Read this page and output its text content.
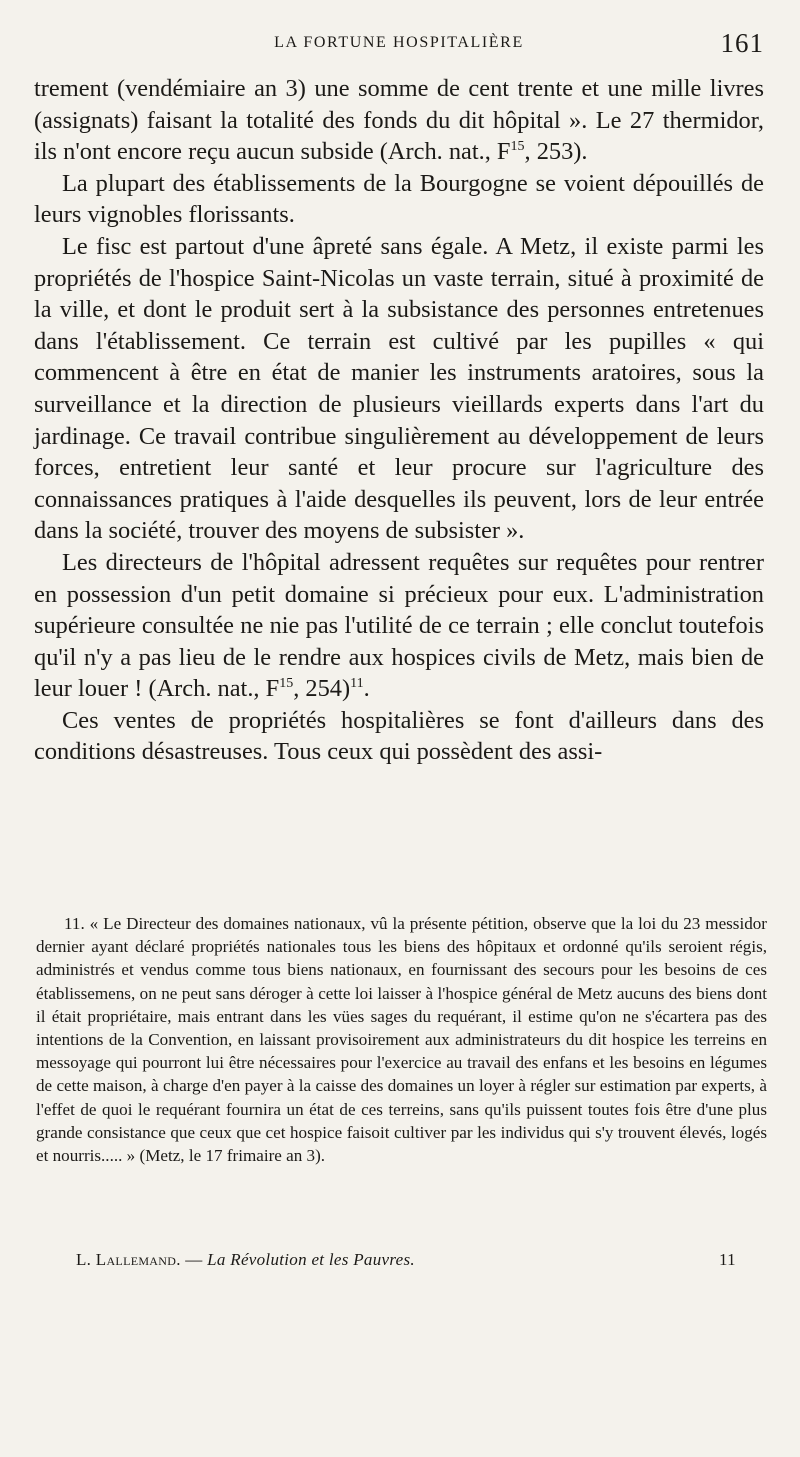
LA FORTUNE HOSPITALIÈRE	161

trement (vendémiaire an 3) une somme de cent trente et une mille livres (assignats) faisant la totalité des fonds du dit hôpital ». Le 27 thermidor, ils n'ont encore reçu aucun subside (Arch. nat., $F^{15}$, 253).

La plupart des établissements de la Bourgogne se voient dépouillés de leurs vignobles florissants.

Le fisc est partout d'une âpreté sans égale. A Metz, il existe parmi les propriétés de l'hospice Saint-Nicolas un vaste terrain, situé à proximité de la ville, et dont le produit sert à la subsistance des personnes entretenues dans l'établissement. Ce terrain est cultivé par les pupilles « qui commencent à être en état de manier les instruments aratoires, sous la surveillance et la direction de plusieurs vieillards experts dans l'art du jardinage. Ce travail contribue singulièrement au développement de leurs forces, entretient leur santé et leur procure sur l'agriculture des connaissances pratiques à l'aide desquelles ils peuvent, lors de leur entrée dans la société, trouver des moyens de subsister ».

Les directeurs de l'hôpital adressent requêtes sur requêtes pour rentrer en possession d'un petit domaine si précieux pour eux. L'administration supérieure consultée ne nie pas l'utilité de ce terrain ; elle conclut toutefois qu'il n'y a pas lieu de le rendre aux hospices civils de Metz, mais bien de leur louer ! (Arch. nat., $F^{15}$, 254)$^{11}$.

Ces ventes de propriétés hospitalières se font d'ailleurs dans des conditions désastreuses. Tous ceux qui possèdent des assi-

11. « Le Directeur des domaines nationaux, vû la présente pétition, observe que la loi du 23 messidor dernier ayant déclaré propriétés nationales tous les biens des hôpitaux et ordonné qu'ils seroient régis, administrés et vendus comme tous biens nationaux, en fournissant des secours pour les besoins de ces établissemens, on ne peut sans déroger à cette loi laisser à l'hospice général de Metz aucuns des biens dont il était propriétaire, mais entrant dans les vües sages du requérant, il estime qu'on ne s'écartera pas des intentions de la Convention, en laissant provisoirement aux administrateurs du dit hospice les terreins en messoyage qui pourront lui être nécessaires pour l'exercice au travail des enfans et les besoins en légumes de cette maison, à charge d'en payer à la caisse des domaines un loyer à régler sur estimation par experts, à l'effet de quoi le requérant fournira un état de ces terreins, sans qu'ils puissent toutes fois être d'une plus grande consistance que ceux que cet hospice faisoit cultiver par les individus qui s'y trouvent élevés, logés et nourris..... » (Metz, le 17 frimaire an 3).

L. Lallemand. — La Révolution et les Pauvres.	11
